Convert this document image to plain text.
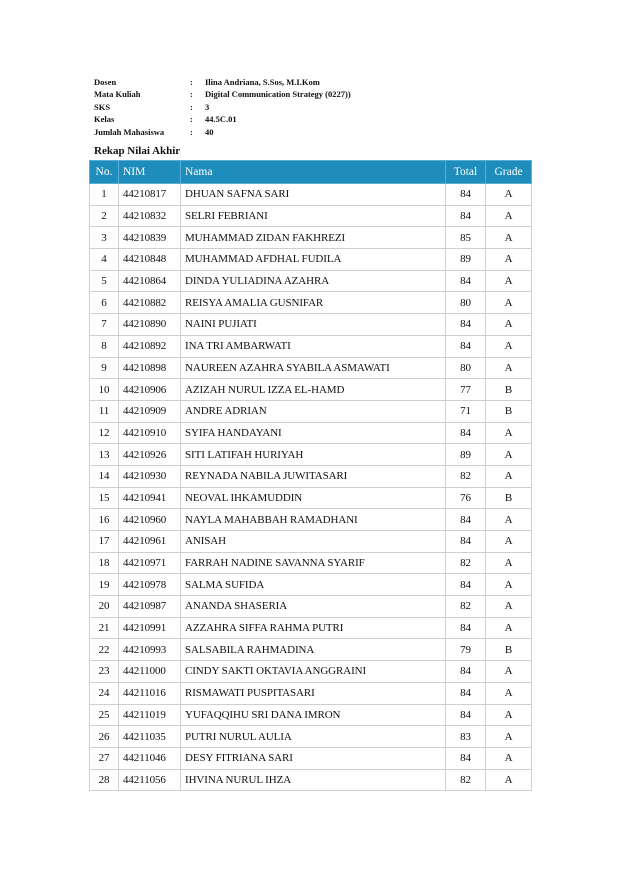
Dosen	:	Ilina Andriana, S.Sos, M.I.Kom
Mata Kuliah	:	Digital Communication Strategy (0227))
SKS	:	3
Kelas	:	44.5C.01
Jumlah Mahasiswa	:	40
Rekap Nilai Akhir
No.	NIM	Nama	Total	Grade
1	44210817	DHUAN SAFNA SARI	84	A
2	44210832	SELRI FEBRIANI	84	A
3	44210839	MUHAMMAD ZIDAN FAKHREZI	85	A
4	44210848	MUHAMMAD AFDHAL FUDILA	89	A
5	44210864	DINDA YULIADINA AZAHRA	84	A
6	44210882	REISYA AMALIA GUSNIFAR	80	A
7	44210890	NAINI PUJIATI	84	A
8	44210892	INA TRI AMBARWATI	84	A
9	44210898	NAUREEN AZAHRA SYABILA ASMAWATI	80	A
10	44210906	AZIZAH NURUL IZZA EL-HAMD	77	B
11	44210909	ANDRE ADRIAN	71	B
12	44210910	SYIFA HANDAYANI	84	A
13	44210926	SITI LATIFAH HURIYAH	89	A
14	44210930	REYNADA NABILA JUWITASARI	82	A
15	44210941	NEOVAL IHKAMUDDIN	76	B
16	44210960	NAYLA MAHABBAH RAMADHANI	84	A
17	44210961	ANISAH	84	A
18	44210971	FARRAH NADINE SAVANNA SYARIF	82	A
19	44210978	SALMA SUFIDA	84	A
20	44210987	ANANDA SHASERIA	82	A
21	44210991	AZZAHRA SIFFA RAHMA PUTRI	84	A
22	44210993	SALSABILA RAHMADINA	79	B
23	44211000	CINDY SAKTI OKTAVIA ANGGRAINI	84	A
24	44211016	RISMAWATI PUSPITASARI	84	A
25	44211019	YUFAQQIHU SRI DANA IMRON	84	A
26	44211035	PUTRI NURUL AULIA	83	A
27	44211046	DESY FITRIANA SARI	84	A
28	44211056	IHVINA NURUL IHZA	82	A
